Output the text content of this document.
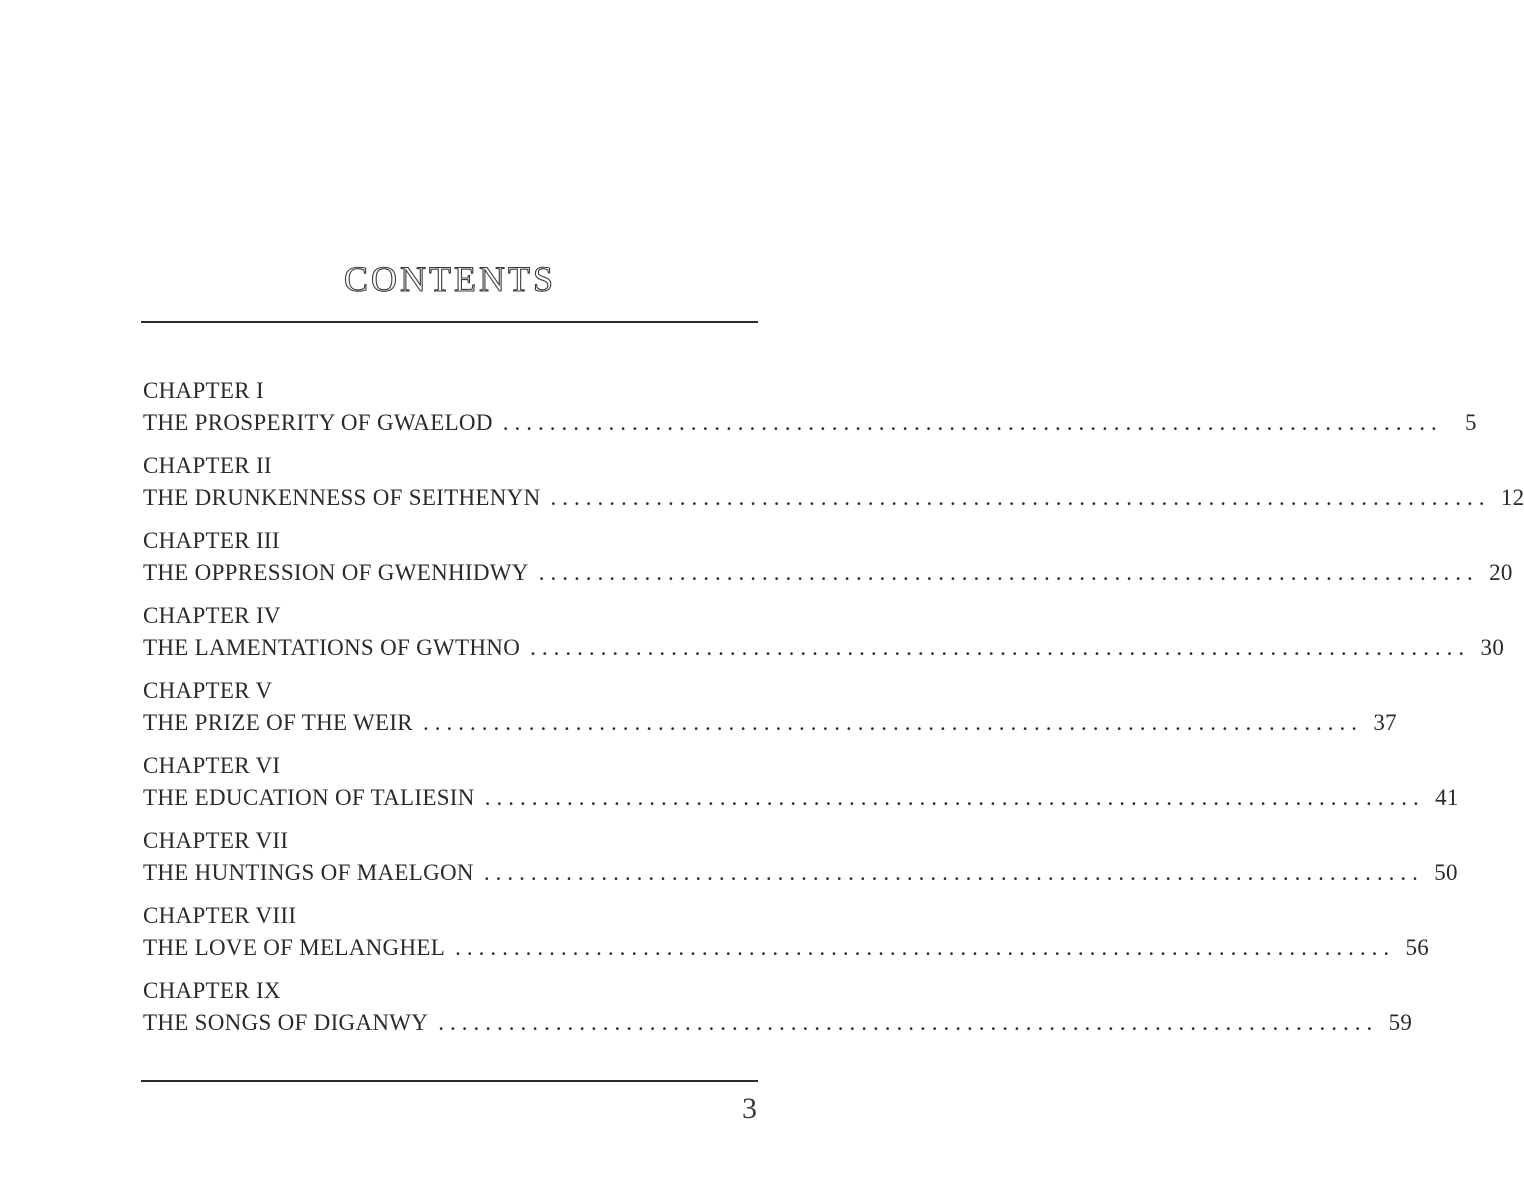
CONTENTS
CHAPTER I
THE PROSPERITY OF GWAELOD ................................................................................ 5
CHAPTER II
THE DRUNKENNESS OF SEITHENYN ................................................................................ 12
CHAPTER III
THE OPPRESSION OF GWENHIDWY ................................................................................ 20
CHAPTER IV
THE LAMENTATIONS OF GWTHNO ................................................................................ 30
CHAPTER V
THE PRIZE OF THE WEIR ................................................................................ 37
CHAPTER VI
THE EDUCATION OF TALIESIN ................................................................................ 41
CHAPTER VII
THE HUNTINGS OF MAELGON ................................................................................ 50
CHAPTER VIII
THE LOVE OF MELANGHEL ................................................................................ 56
CHAPTER IX
THE SONGS OF DIGANWY ................................................................................ 59
3
